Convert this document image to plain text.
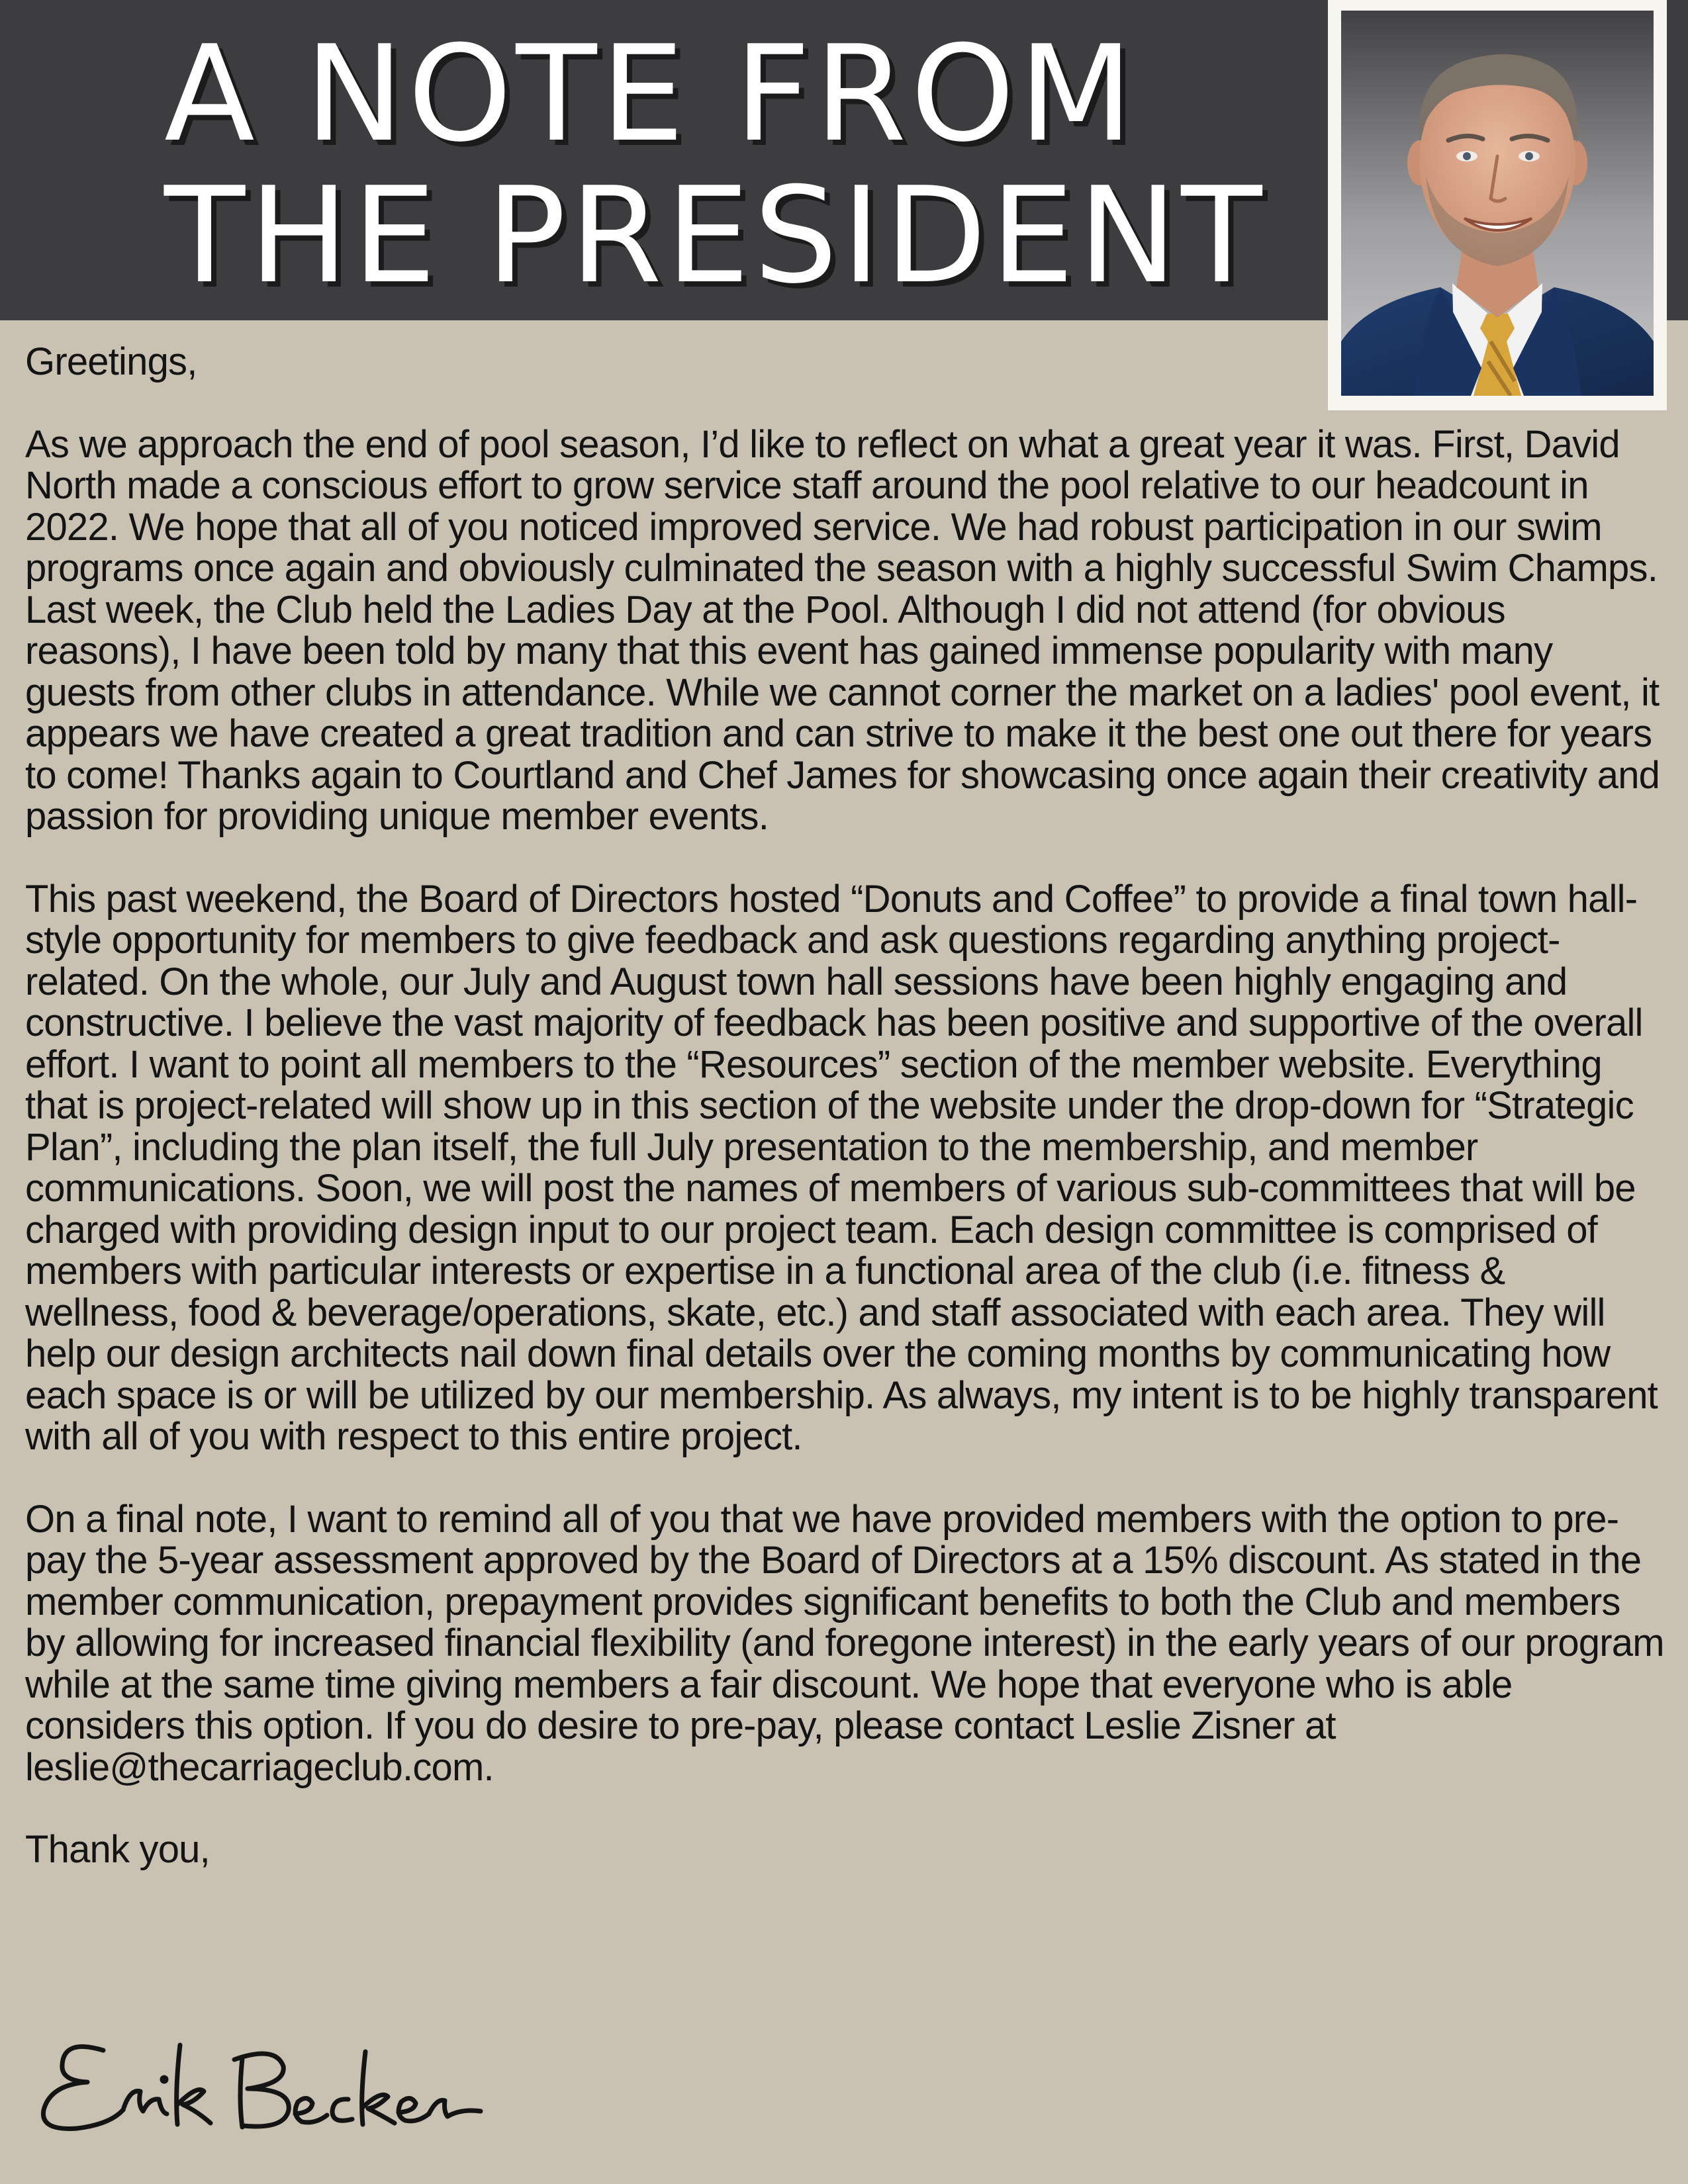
A NOTE FROM
THE PRESIDENT

Greetings,

As we approach the end of pool season, I’d like to reflect on what a great year it was. First, David North made a conscious effort to grow service staff around the pool relative to our headcount in 2022. We hope that all of you noticed improved service. We had robust participation in our swim programs once again and obviously culminated the season with a highly successful Swim Champs. Last week, the Club held the Ladies Day at the Pool. Although I did not attend (for obvious reasons), I have been told by many that this event has gained immense popularity with many guests from other clubs in attendance. While we cannot corner the market on a ladies' pool event, it appears we have created a great tradition and can strive to make it the best one out there for years to come! Thanks again to Courtland and Chef James for showcasing once again their creativity and passion for providing unique member events.

This past weekend, the Board of Directors hosted “Donuts and Coffee” to provide a final town hall-style opportunity for members to give feedback and ask questions regarding anything project-related. On the whole, our July and August town hall sessions have been highly engaging and constructive. I believe the vast majority of feedback has been positive and supportive of the overall effort. I want to point all members to the “Resources” section of the member website. Everything that is project-related will show up in this section of the website under the drop-down for “Strategic Plan”, including the plan itself, the full July presentation to the membership, and member communications. Soon, we will post the names of members of various sub-committees that will be charged with providing design input to our project team. Each design committee is comprised of members with particular interests or expertise in a functional area of the club (i.e. fitness & wellness, food & beverage/operations, skate, etc.) and staff associated with each area. They will help our design architects nail down final details over the coming months by communicating how each space is or will be utilized by our membership. As always, my intent is to be highly transparent with all of you with respect to this entire project.

On a final note, I want to remind all of you that we have provided members with the option to pre-pay the 5-year assessment approved by the Board of Directors at a 15% discount. As stated in the member communication, prepayment provides significant benefits to both the Club and members by allowing for increased financial flexibility (and foregone interest) in the early years of our program while at the same time giving members a fair discount. We hope that everyone who is able considers this option. If you do desire to pre-pay, please contact Leslie Zisner at leslie@thecarriageclub.com.

Thank you,
